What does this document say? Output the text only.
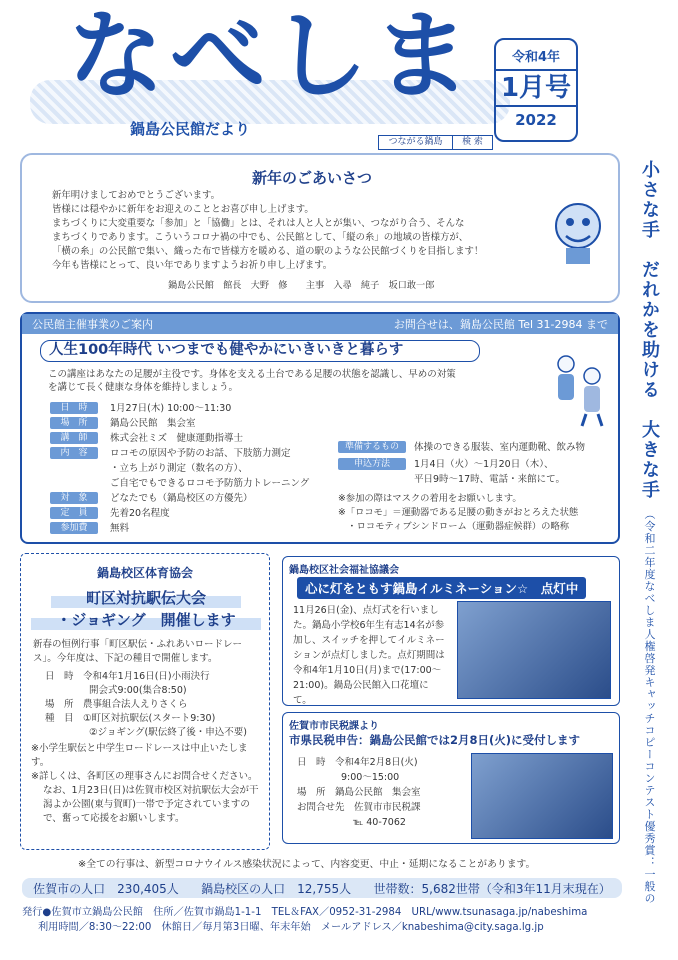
なべしま
鍋島公民館だより
つながる鍋島	検 索
令和4年
1月号
2022
小さな手　だれかを助ける　大きな手 （令和二年度なべしま人権啓発キャッチコピーコンテスト優秀賞：一般の
新年のごあいさつ
新年明けましておめでとうございます。
皆様には穏やかに新年をお迎えのこととお喜び申し上げます。
まちづくりに大変重要な「参加」と「協働」とは、それは人と人とが集い、つながり合う、そんな
まちづくりであります。こういうコロナ禍の中でも、公民館として、「縦の糸」の地域の皆様方が、
「横の糸」の公民館で集い、織った布で皆様方を暖める、道の駅のような公民館づくりを目指します！
今年も皆様にとって、良い年でありますようお祈り申し上げます。
鍋島公民館　館長　大野　修　　主事　入尋　純子　坂口敢一郎
公民館主催事業のご案内	お問合せは、鍋島公民館 Tel 31-2984 まで
人生100年時代 いつまでも健やかにいきいきと暮らす
この講座はあなたの足腰が主役です。身体を支える土台である足腰の状態を認識し、早めの対策
を講じて長く健康な身体を維持しましょう。
日　時	1月27日(木) 10:00～11:30
場　所	鍋島公民館　集会室
講　師	株式会社ミズ　健康運動指導士
内　容	ロコモの原因や予防のお話、下肢筋力測定
・立ち上がり測定（数名の方）、
ご自宅でもできるロコモ予防筋力トレーニング
対　象	どなたでも（鍋島校区の方優先）
定　員	先着20名程度
参加費	無料
準備するもの	体操のできる服装、室内運動靴、飲み物
申込方法	1月4日（火）～1月20日（木）、
平日9時～17時、電話・来館にて。
※参加の際はマスクの着用をお願いします。
※「ロコモ」＝運動器である足腰の動きがおとろえた状態
　・ロコモティブシンドローム（運動器症候群）の略称
鍋島校区体育協会
町区対抗駅伝大会
・ジョギング　開催します
新春の恒例行事「町区駅伝・ふれあいロードレース」。今年度は、下記の種目で開催します。
日　時　 令和4年1月16日(日)小雨決行
開会式9:00(集合8:50)
場　所　 農事組合法人えりさくら
種　目　 ①町区対抗駅伝(スタート9:30)
②ジョギング(駅伝終了後・申込不要)
※小学生駅伝と中学生ロードレースは中止いたします。
※詳しくは、各町区の理事さんにお問合せください。
なお、1月23日(日)は佐賀市校区対抗駅伝大会が干潟よか公園(東与賀町)一帯で予定されていますので、奮って応援をお願いします。
鍋島校区社会福祉協議会
心に灯をともす鍋島イルミネーション☆　点灯中
11月26日(金)、点灯式を行いました。鍋島小学校6年生有志14名が参加し、スイッチを押してイルミネーションが点灯しました。点灯期間は令和4年1月10日(月)まで(17:00～21:00)。鍋島公民館入口花壇にて。
佐賀市市民税課より
市県民税申告：鍋島公民館では2月8日(火)に受付します
日　時　 令和4年2月8日(火)
9:00～15:00
場　所　 鍋島公民館　集会室
お問合せ先　 佐賀市市民税課
℡ 40-7062
※全ての行事は、新型コロナウイルス感染状況によって、内容変更、中止・延期になることがあります。
佐賀市の人口　230,405人 鍋島校区の人口　12,755人 世帯数：5,682世帯（令和3年11月末現在）
発行●佐賀市立鍋島公民館　住所／佐賀市鍋島1-1-1　TEL＆FAX／0952-31-2984　URL/www.tsunasaga.jp/nabeshima
利用時間／8:30～22:00　休館日／毎月第3日曜、年末年始　メールアドレス／knabeshima@city.saga.lg.jp
